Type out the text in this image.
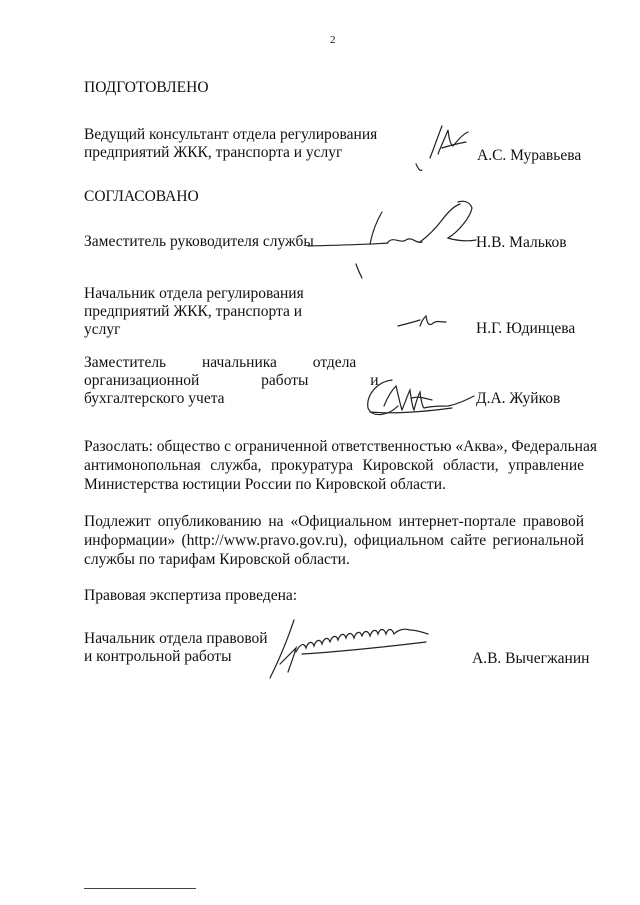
2
ПОДГОТОВЛЕНО
Ведущий консультант отдела регулирования
предприятий ЖКК, транспорта и услуг	А.С. Муравьева
СОГЛАСОВАНО
Заместитель руководителя службы	Н.В. Мальков
Начальник отдела регулирования
предприятий ЖКК, транспорта и
услуг	Н.Г. Юдинцева
Заместитель начальника отдела
организационной работы и
бухгалтерского учета	Д.А. Жуйков
Разослать: общество с ограниченной ответственностью «Аква», Федеральная
антимонопольная служба, прокуратура Кировской области, управление
Министерства юстиции России по Кировской области.
Подлежит опубликованию на «Официальном интернет-портале правовой
информации» (http://www.pravo.gov.ru), официальном сайте региональной
службы по тарифам Кировской области.
Правовая экспертиза проведена:
Начальник отдела правовой
и контрольной работы	А.В. Вычегжанин
